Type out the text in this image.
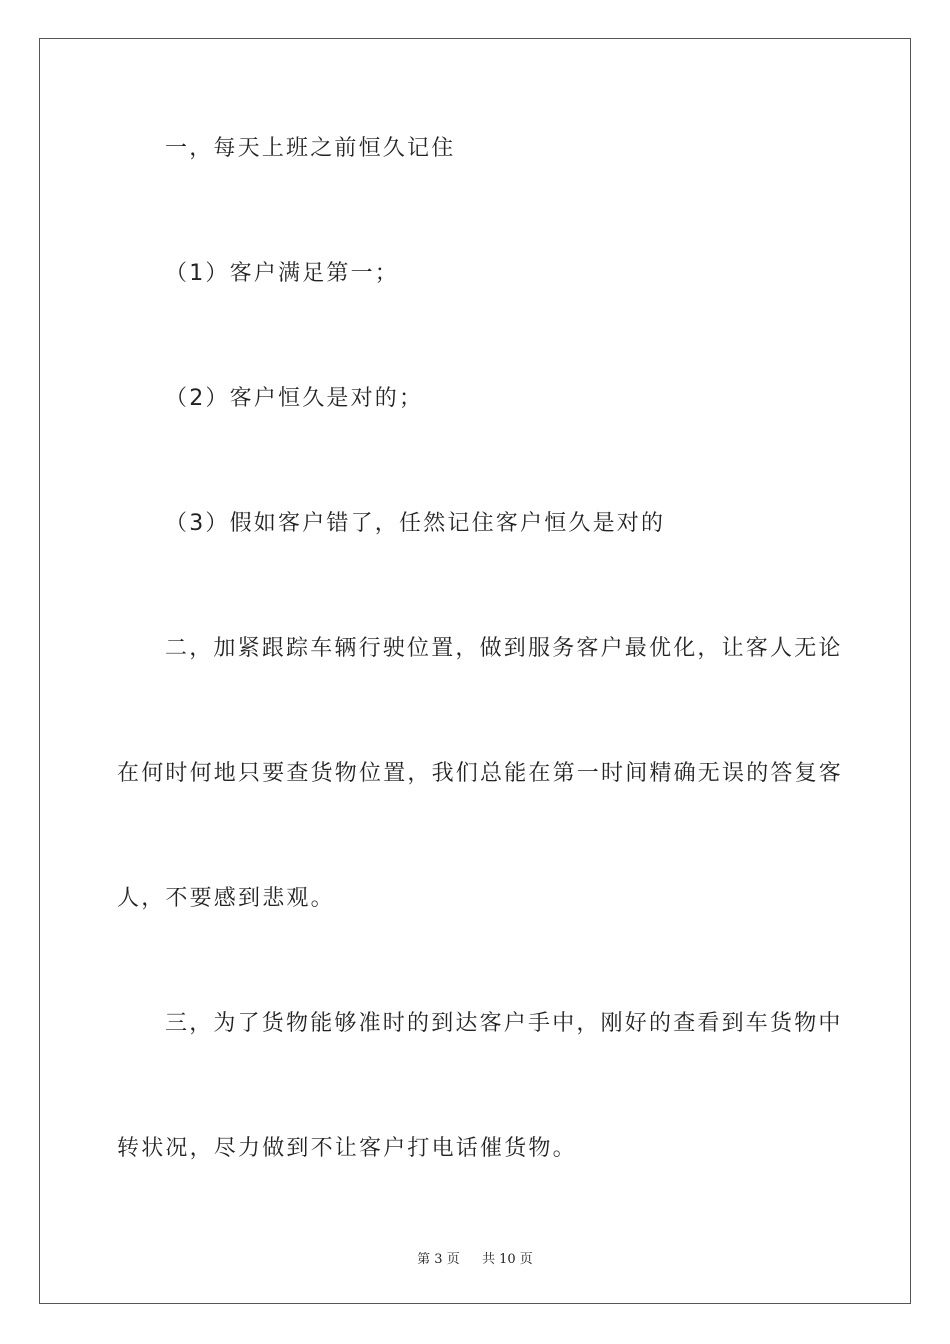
一，每天上班之前恒久记住
（1）客户满足第一；
（2）客户恒久是对的；
（3）假如客户错了，任然记住客户恒久是对的
二，加紧跟踪车辆行驶位置，做到服务客户最优化，让客人无论
在何时何地只要查货物位置，我们总能在第一时间精确无误的答复客
人，不要感到悲观。
三，为了货物能够准时的到达客户手中，刚好的查看到车货物中
转状况，尽力做到不让客户打电话催货物。
第 3 页 共 10 页
